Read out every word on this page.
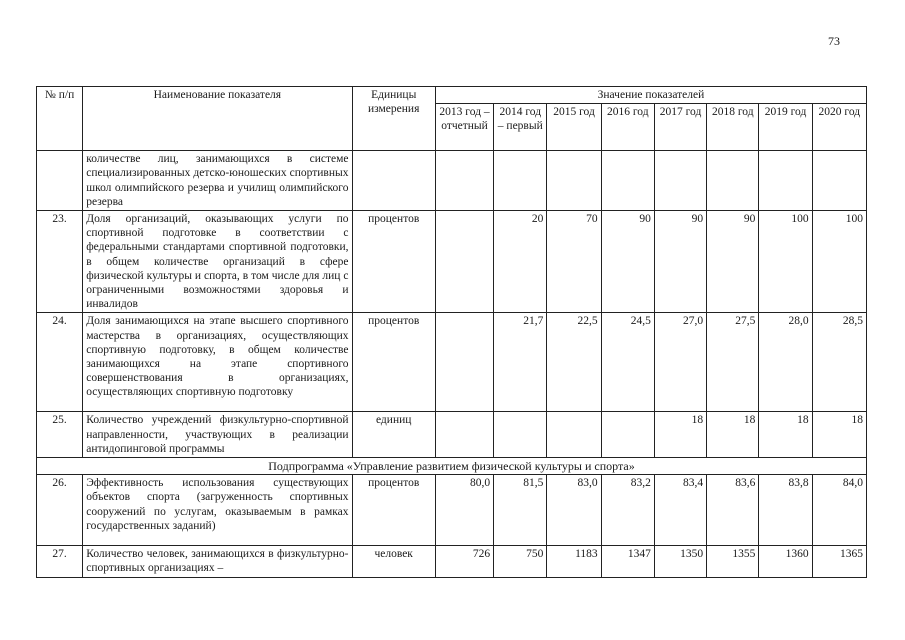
73
№ п/п	Наименование показателя	Единицы измерения	Значение показателей							
			2013 год – отчетный	2014 год – первый	2015 год	2016 год	2017 год	2018 год	2019 год	2020 год
	количестве лиц, занимающихся в системе специализированных детско-юношеских спортивных школ олимпийского резерва и училищ олимпийского резерва									
23.	Доля организаций, оказывающих услуги по спортивной подготовке в соответствии с федеральными стандартами спортивной подготовки, в общем количестве организаций в сфере физической культуры и спорта, в том числе для лиц с ограниченными возможностями здоровья и инвалидов	процентов		20	70	90	90	90	100	100
24.	Доля занимающихся на этапе высшего спортивного мастерства в организациях, осуществляющих спортивную подготовку, в общем количестве занимающихся на этапе спортивного совершенствования в организациях, осуществляющих спортивную подготовку	процентов		21,7	22,5	24,5	27,0	27,5	28,0	28,5
25.	Количество учреждений физкультурно-спортивной направленности, участвующих в реализации антидопинговой программы	единиц					18	18	18	18
Подпрограмма «Управление развитием физической культуры и спорта»										
26.	Эффективность использования существующих объектов спорта (загруженность спортивных сооружений по услугам, оказываемым в рамках государственных заданий)	процентов	80,0	81,5	83,0	83,2	83,4	83,6	83,8	84,0
27.	Количество человек, занимающихся в физкультурно-спортивных организациях –	человек	726	750	1183	1347	1350	1355	1360	1365
